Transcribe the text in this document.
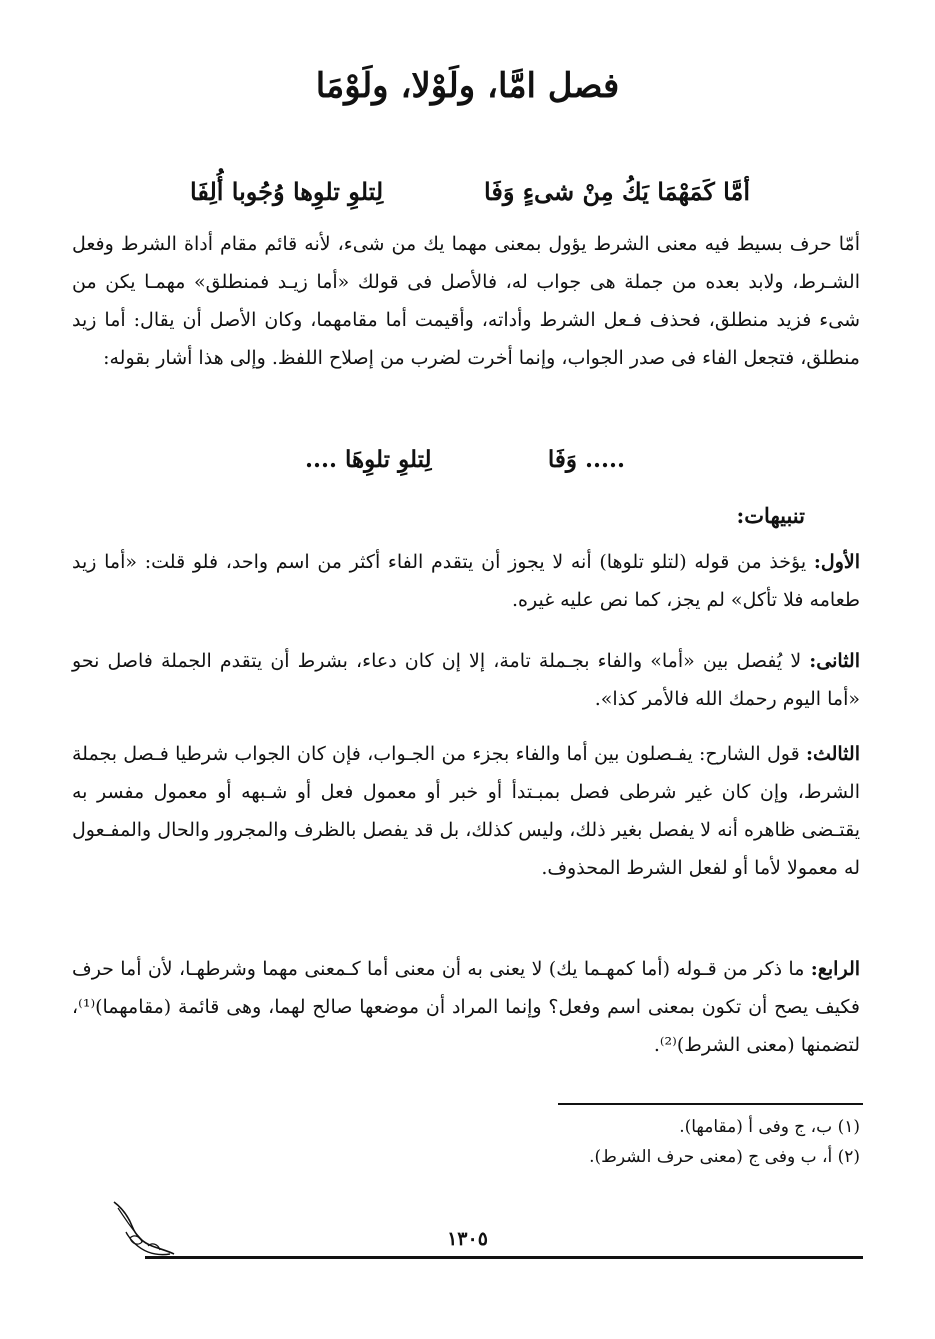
فصل امَّا، ولَوْلا، ولَوْمَا
أمَّا كَمَهْمَا يَكُ مِنْ شىءٍ وَفَا
لِتلوِ تلوِها وُجُوبا أُلِفَا
أمّا حرف بسيط فيه معنى الشرط يؤول بمعنى مهما يك من شىء، لأنه قائم مقام أداة الشرط وفعل الشـرط، ولابد بعده من جملة هى جواب له، فالأصل فى قولك «أما زيـد فمنطلق» مهمـا يكن من شىء فزيد منطلق، فحذف فـعل الشرط وأداته، وأقيمت أما مقامهما، وكان الأصل أن يقال: أما زيد منطلق، فتجعل الفاء فى صدر الجواب، وإنما أخرت لضرب من إصلاح اللفظ. وإلى هذا أشار بقوله:
..... وَفَا
لِتلوِ تلوِهَا ....
تنبيهات:
الأول: يؤخذ من قوله (لتلو تلوها) أنه لا يجوز أن يتقدم الفاء أكثر من اسم واحد، فلو قلت: «أما زيد طعامه فلا تأكل» لم يجز، كما نص عليه غيره.
الثانى: لا يُفصل بين «أما» والفاء بجـملة تامة، إلا إن كان دعاء، بشرط أن يتقدم الجملة فاصل نحو «أما اليوم رحمك الله فالأمر كذا».
الثالث: قول الشارح: يفـصلون بين أما والفاء بجزء من الجـواب، فإن كان الجواب شرطيا فـصل بجملة الشرط، وإن كان غير شرطى فصل بمبـتدأ أو خبر أو معمول فعل أو شـبهه أو معمول مفسر به يقتـضى ظاهره أنه لا يفصل بغير ذلك، وليس كذلك، بل قد يفصل بالظرف والمجرور والحال والمفـعول له معمولا لأما أو لفعل الشرط المحذوف.
الرابع: ما ذكر من قـوله (أما كمهـما يك) لا يعنى به أن معنى أما كـمعنى مهما وشرطهـا، لأن أما حرف فكيف يصح أن تكون بمعنى اسم وفعل؟ وإنما المراد أن موضعها صالح لهما، وهى قائمة (مقامهما)⁽¹⁾، لتضمنها (معنى الشرط)⁽²⁾.
(١) ب، ج وفى أ (مقامها).
(٢) أ، ب وفى ج (معنى حرف الشرط).
١٣٠٥
